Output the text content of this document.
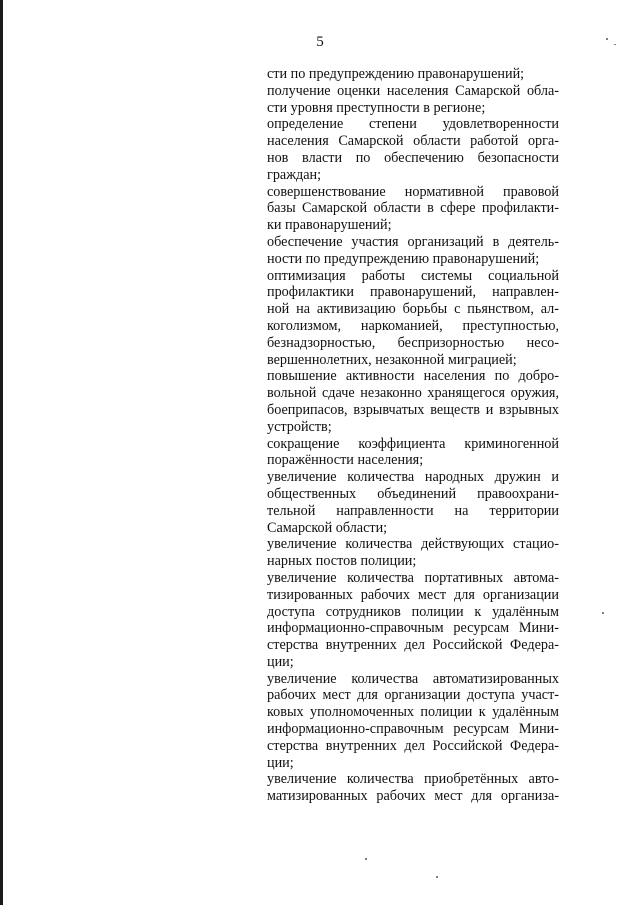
5
сти по предупреждению правонарушений;
получение оценки населения Самарской обла-
сти уровня преступности в регионе;
определение степени удовлетворенности
населения Самарской области работой орга-
нов власти по обеспечению безопасности
граждан;
совершенствование нормативной правовой
базы Самарской области в сфере профилакти-
ки правонарушений;
обеспечение участия организаций в деятель-
ности по предупреждению правонарушений;
оптимизация работы системы социальной
профилактики правонарушений, направлен-
ной на активизацию борьбы с пьянством, ал-
коголизмом, наркоманией, преступностью,
безнадзорностью, беспризорностью несо-
вершеннолетних, незаконной миграцией;
повышение активности населения по добро-
вольной сдаче незаконно хранящегося оружия,
боеприпасов, взрывчатых веществ и взрывных
устройств;
сокращение коэффициента криминогенной
поражённости населения;
увеличение количества народных дружин и
общественных объединений правоохрани-
тельной направленности на территории
Самарской области;
увеличение количества действующих стацио-
нарных постов полиции;
увеличение количества портативных автома-
тизированных рабочих мест для организации
доступа сотрудников полиции к удалённым
информационно-справочным ресурсам Мини-
стерства внутренних дел Российской Федера-
ции;
увеличение количества автоматизированных
рабочих мест для организации доступа участ-
ковых уполномоченных полиции к удалённым
информационно-справочным ресурсам Мини-
стерства внутренних дел Российской Федера-
ции;
увеличение количества приобретённых авто-
матизированных рабочих мест для организа-
